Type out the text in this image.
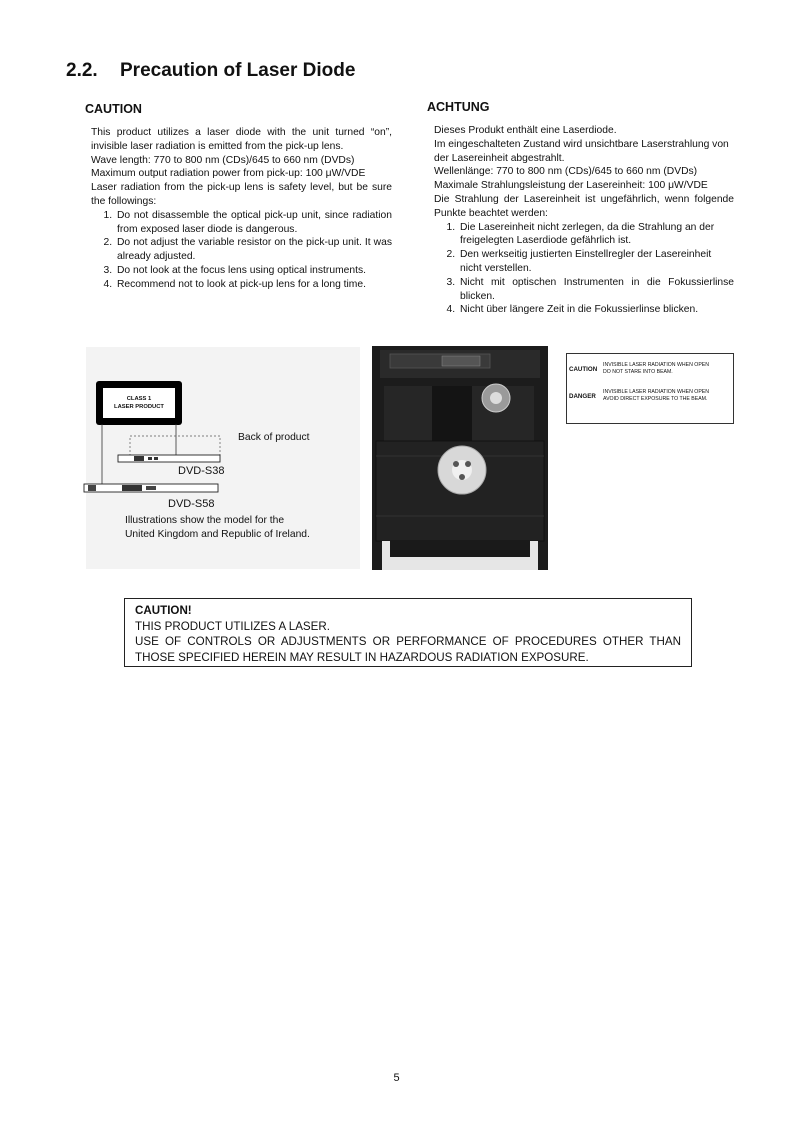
2.2. Precaution of Laser Diode
CAUTION

This product utilizes a laser diode with the unit turned “on”, invisible laser radiation is emitted from the pick-up lens.

Wave length: 770 to 800 nm (CDs)/645 to 660 nm (DVDs)

Maximum output radiation power from pick-up: 100 μW/VDE

Laser radiation from the pick-up lens is safety level, but be sure the followings:

1. Do not disassemble the optical pick-up unit, since radiation from exposed laser diode is dangerous.
2. Do not adjust the variable resistor on the pick-up unit. It was already adjusted.
3. Do not look at the focus lens using optical instruments.
4. Recommend not to look at pick-up lens for a long time.
ACHTUNG

Dieses Produkt enthält eine Laserdiode.

Im eingeschalteten Zustand wird unsichtbare Laserstrahlung von der Lasereinheit abgestrahlt.

Wellenlänge: 770 to 800 nm (CDs)/645 to 660 nm (DVDs)

Maximale Strahlungsleistung der Lasereinheit: 100 μW/VDE

Die Strahlung der Lasereinheit ist ungefährlich, wenn folgende Punkte beachtet werden:

1. Die Lasereinheit nicht zerlegen, da die Strahlung an der freigelegten Laserdiode gefährlich ist.
2. Den werkseitig justierten Einstellregler der Lasereinheit nicht verstellen.
3. Nicht mit optischen Instrumenten in die Fokussierlinse blicken.
4. Nicht über längere Zeit in die Fokussierlinse blicken.
CLASS 1
LASER PRODUCT
Back of product
DVD-S38
DVD-S58
Illustrations show the model for the
United Kingdom and Republic of Ireland.
CAUTION
INVISIBLE LASER RADIATION WHEN OPEN
DO NOT STARE INTO BEAM.
DANGER
INVISIBLE LASER RADIATION WHEN OPEN
AVOID DIRECT EXPOSURE TO THE BEAM.

CAUTION!

THIS PRODUCT UTILIZES A LASER.

USE OF CONTROLS OR ADJUSTMENTS OR PERFORMANCE OF PROCEDURES OTHER THAN THOSE SPECIFIED HEREIN MAY RESULT IN HAZARDOUS RADIATION EXPOSURE.

5
